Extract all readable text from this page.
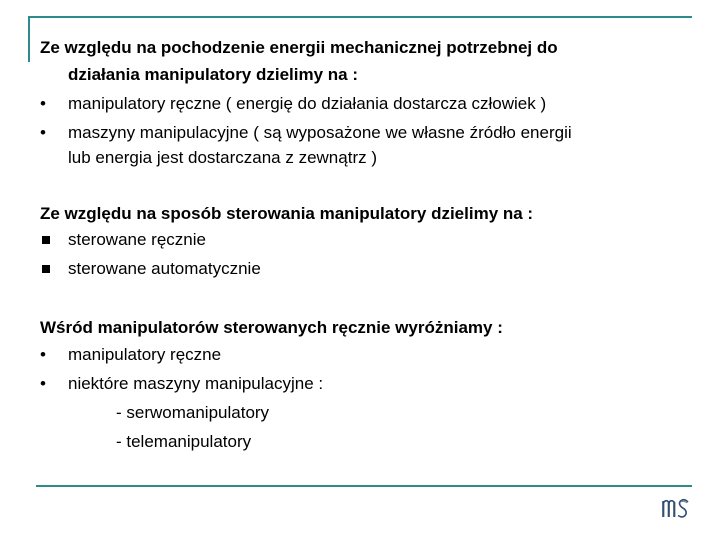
Ze względu na pochodzenie energii mechanicznej potrzebnej do
działania manipulatory dzielimy na :
•	manipulatory ręczne ( energię do działania dostarcza człowiek )
•	maszyny manipulacyjne ( są wyposażone we własne źródło energii
lub energia jest dostarczana z zewnątrz )
Ze względu na sposób sterowania manipulatory dzielimy na :
sterowane ręcznie
sterowane automatycznie
Wśród manipulatorów sterowanych ręcznie wyróżniamy :
•	manipulatory ręczne
•	niektóre maszyny manipulacyjne :
- serwomanipulatory
- telemanipulatory
